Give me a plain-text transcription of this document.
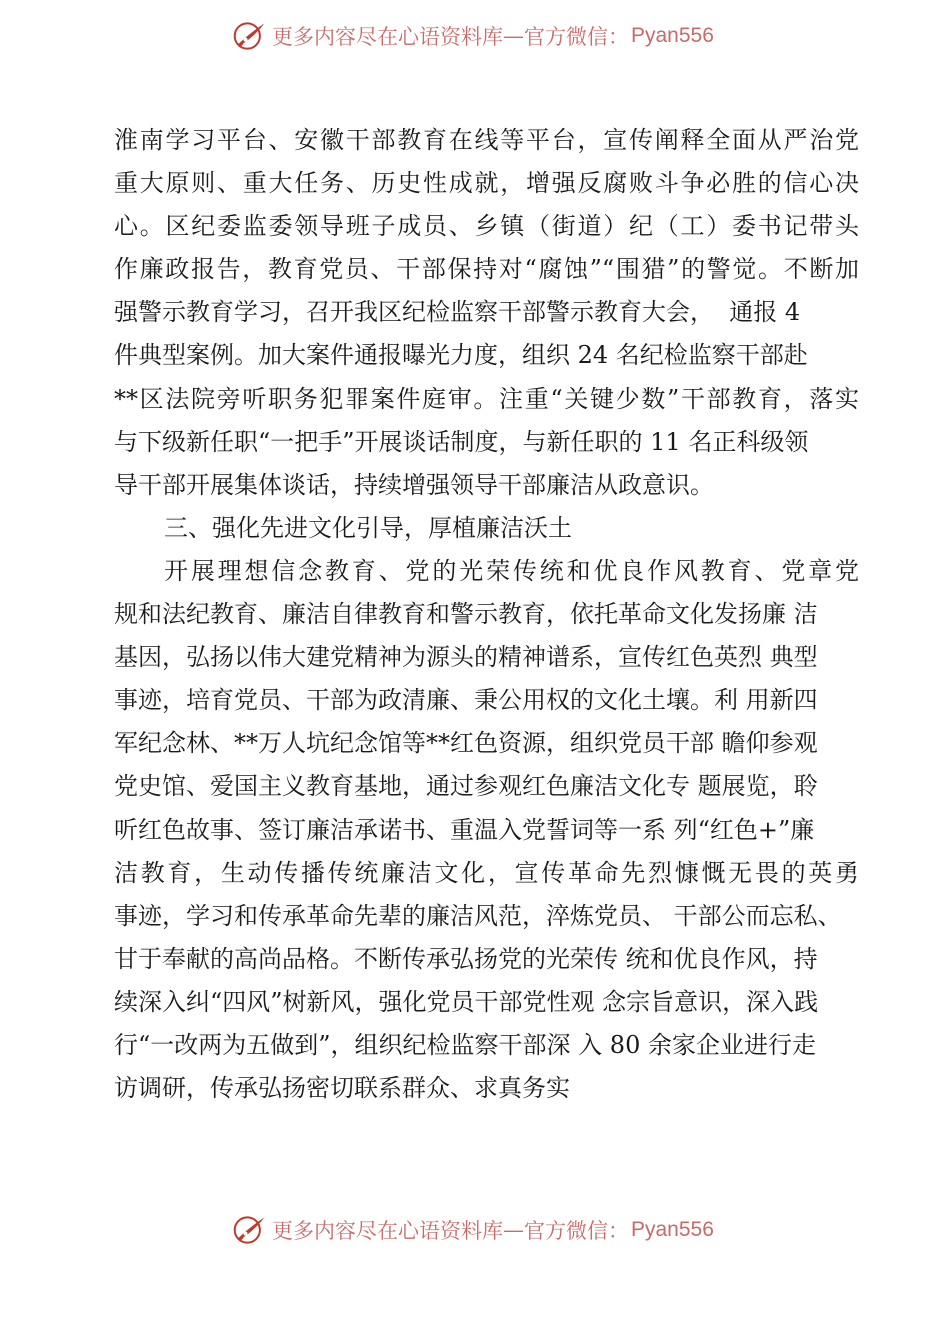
更多内容尽在心语资料库 — 官方微信 ： Pyan556
淮南学习平台、安徽干部教育在线等平台，宣传阐释全面从严治党
重大原则、重大任务、历史性成就，增强反腐败斗争必胜的信心决
心。区纪委监委领导班子成员、乡镇（街道）纪（工）委书记带头
作廉政报告，教育党员、干部保持对“腐蚀”“围猎”的警觉。不断加
强警示教育学习，召开我区纪检监察干部警示教育大会，  通报 4
件典型案例。加大案件通报曝光力度，组织 24 名纪检监察干部赴
**区法院旁听职务犯罪案件庭审。注重“关键少数”干部教育，落实
与下级新任职“一把手”开展谈话制度，与新任职的 11 名正科级领
导干部开展集体谈话，持续增强领导干部廉洁从政意识。
三、强化先进文化引导，厚植廉洁沃土
开展理想信念教育、党的光荣传统和优良作风教育、党章党
规和法纪教育、廉洁自律教育和警示教育，依托革命文化发扬廉 洁
基因，弘扬以伟大建党精神为源头的精神谱系，宣传红色英烈 典型
事迹，培育党员、干部为政清廉、秉公用权的文化土壤。利 用新四
军纪念林、**万人坑纪念馆等**红色资源，组织党员干部 瞻仰参观
党史馆、爱国主义教育基地，通过参观红色廉洁文化专 题展览，聆
听红色故事、签订廉洁承诺书、重温入党誓词等一系 列“红色+”廉
洁教育，生动传播传统廉洁文化，宣传革命先烈慷慨无畏的英勇
事迹，学习和传承革命先辈的廉洁风范，淬炼党员、 干部公而忘私、
甘于奉献的高尚品格。不断传承弘扬党的光荣传 统和优良作风，持
续深入纠“四风”树新风，强化党员干部党性观 念宗旨意识，深入践
行“一改两为五做到”，组织纪检监察干部深 入 80 余家企业进行走
访调研，传承弘扬密切联系群众、求真务实
更多内容尽在心语资料库 — 官方微信 ： Pyan556
